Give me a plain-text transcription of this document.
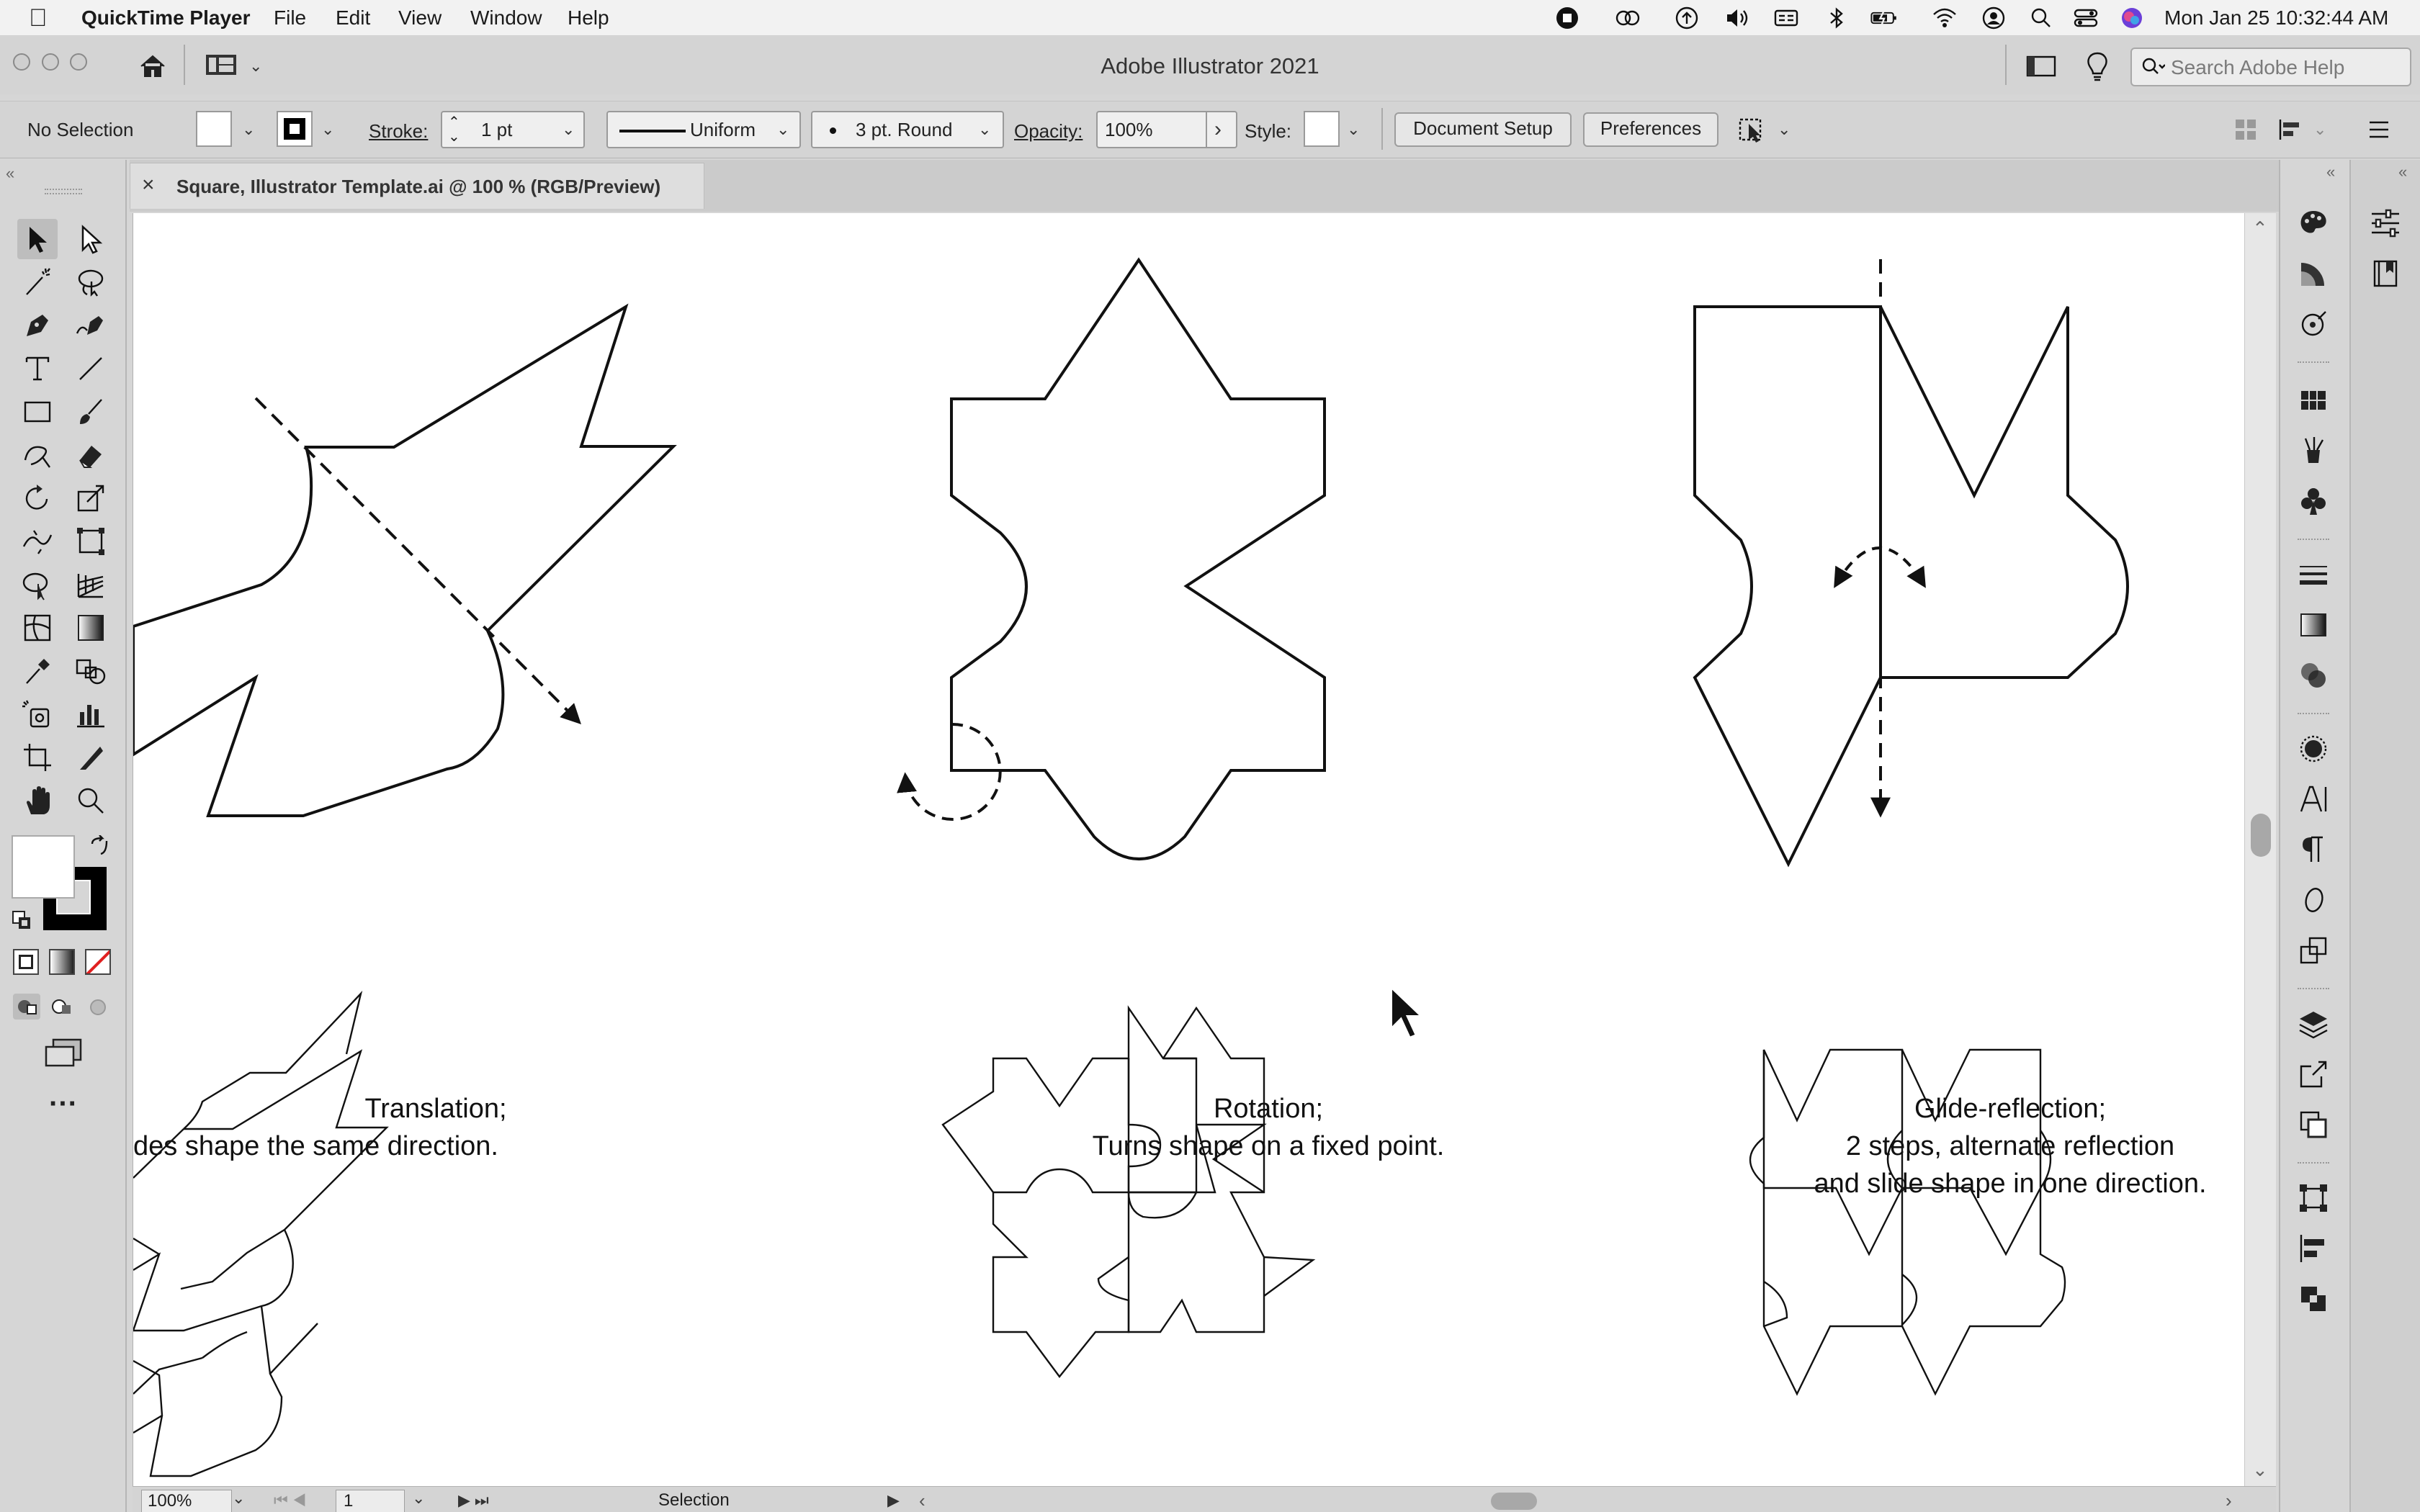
QuickTime Player File Edit View Window Help	Mon Jan 25 10:32:44 AM
⌄	Adobe Illustrator 2021	Search Adobe Help
No Selection	⌄	⌄ Stroke: ⌃
⌄ 1 pt	⌄	Uniform ⌄	3 pt. Round ⌄ Opacity: 100%	› Style:	⌄	Document Setup	Preferences	⌄	⌄
× Square, Illustrator Template.ai @ 100 % (RGB/Preview)
«
···	Translation;
des shape the same direction.
Rotation;
Turns shape on a fixed point.
Glide-reflection;
2 steps, alternate reflection
and slide shape in one direction.
⌃
⌄
100%	⌄ ⏮◀	1	⌄ ▶⏭	Selection	▶ ‹	›
«	«
